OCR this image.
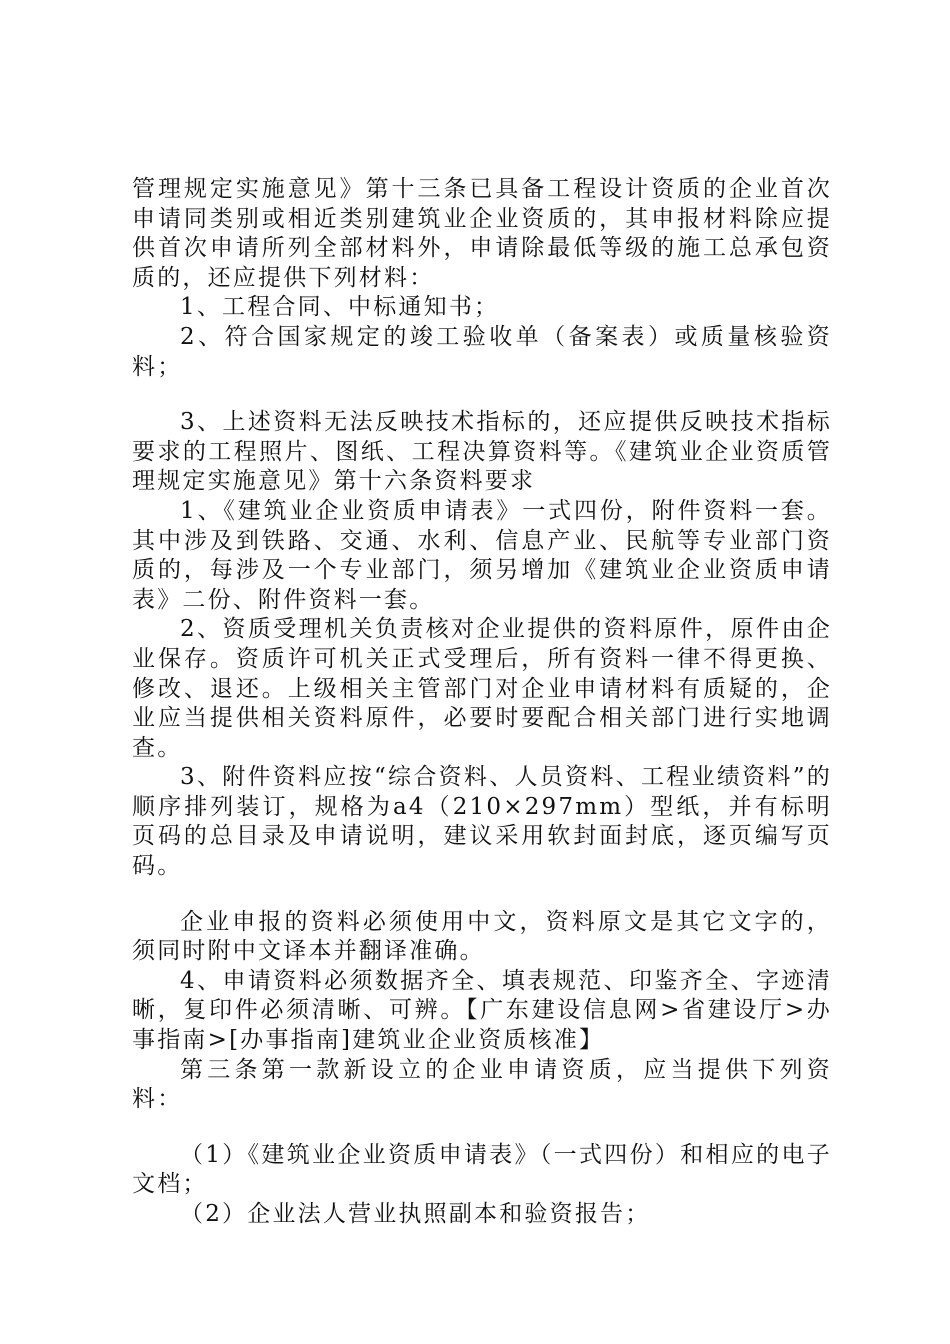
管理规定实施意见》第十三条已具备工程设计资质的企业首次申请同类别或相近类别建筑业企业资质的，其申报材料除应提供首次申请所列全部材料外，申请除最低等级的施工总承包资质的，还应提供下列材料：

1、工程合同、中标通知书；

2、符合国家规定的竣工验收单（备案表）或质量核验资料；

3、上述资料无法反映技术指标的，还应提供反映技术指标要求的工程照片、图纸、工程决算资料等。《建筑业企业资质管理规定实施意见》第十六条资料要求

1、《建筑业企业资质申请表》一式四份，附件资料一套。其中涉及到铁路、交通、水利、信息产业、民航等专业部门资质的，每涉及一个专业部门，须另增加《建筑业企业资质申请表》二份、附件资料一套。

2、资质受理机关负责核对企业提供的资料原件，原件由企业保存。资质许可机关正式受理后，所有资料一律不得更换、修改、退还。上级相关主管部门对企业申请材料有质疑的，企业应当提供相关资料原件，必要时要配合相关部门进行实地调查。

3、附件资料应按“综合资料、人员资料、工程业绩资料”的顺序排列装订，规格为a4（210×297mm）型纸，并有标明页码的总目录及申请说明，建议采用软封面封底，逐页编写页码。

企业申报的资料必须使用中文，资料原文是其它文字的，须同时附中文译本并翻译准确。

4、申请资料必须数据齐全、填表规范、印鉴齐全、字迹清晰，复印件必须清晰、可辨。【广东建设信息网>省建设厅>办事指南>[办事指南]建筑业企业资质核准】

第三条第一款新设立的企业申请资质，应当提供下列资料：

（1）《建筑业企业资质申请表》（一式四份）和相应的电子文档；

（2）企业法人营业执照副本和验资报告；
